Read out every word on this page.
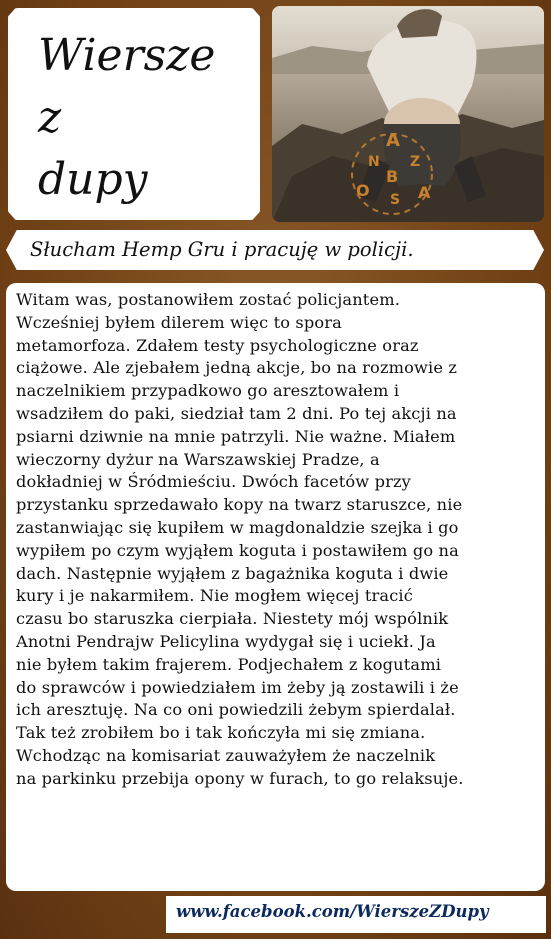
Wiersze
z
dupy
A
N Z
B
O S A
Słucham Hemp Gru i pracuję w policji.
Witam was, postanowiłem zostać policjantem.
Wcześniej byłem dilerem więc to spora
metamorfoza. Zdałem testy psychologiczne oraz
ciążowe. Ale zjebałem jedną akcje, bo na rozmowie z
naczelnikiem przypadkowo go aresztowałem i
wsadziłem do paki, siedział tam 2 dni. Po tej akcji na
psiarni dziwnie na mnie patrzyli. Nie ważne. Miałem
wieczorny dyżur na Warszawskiej Pradze, a
dokładniej w Śródmieściu. Dwóch facetów przy
przystanku sprzedawało kopy na twarz staruszce, nie
zastanwiając się kupiłem w magdonaldzie szejka i go
wypiłem po czym wyjąłem koguta i postawiłem go na
dach. Następnie wyjąłem z bagażnika koguta i dwie
kury i je nakarmiłem. Nie mogłem więcej tracić
czasu bo staruszka cierpiała. Niestety mój wspólnik
Anotni Pendrajw Pelicylina wydygał się i uciekł. Ja
nie byłem takim frajerem. Podjechałem z kogutami
do sprawców i powiedziałem im żeby ją zostawili i że
ich aresztuję. Na co oni powiedzili żebym spierdalał.
Tak też zrobiłem bo i tak kończyła mi się zmiana.
Wchodząc na komisariat zauważyłem że naczelnik
na parkinku przebija opony w furach, to go relaksuje.
www.facebook.com/WierszeZDupy
